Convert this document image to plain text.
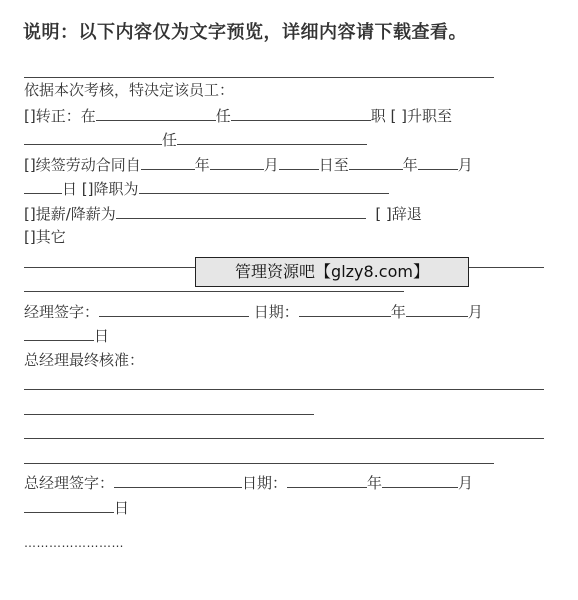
说明：以下内容仅为文字预览，详细内容请下载查看。
依据本次考核，特决定该员工：
[]转正：在	任	职 [ ]升职至
任
[]续签劳动合同自	年	月	日至	年	月
日 []降职为
[]提薪/降薪为	[ ]辞退
[]其它
经理签字：	日期：	年	月
日
总经理最终核准：
总经理签字：	日期：	年	月
日
管理资源吧【glzy8.com】
……………………
